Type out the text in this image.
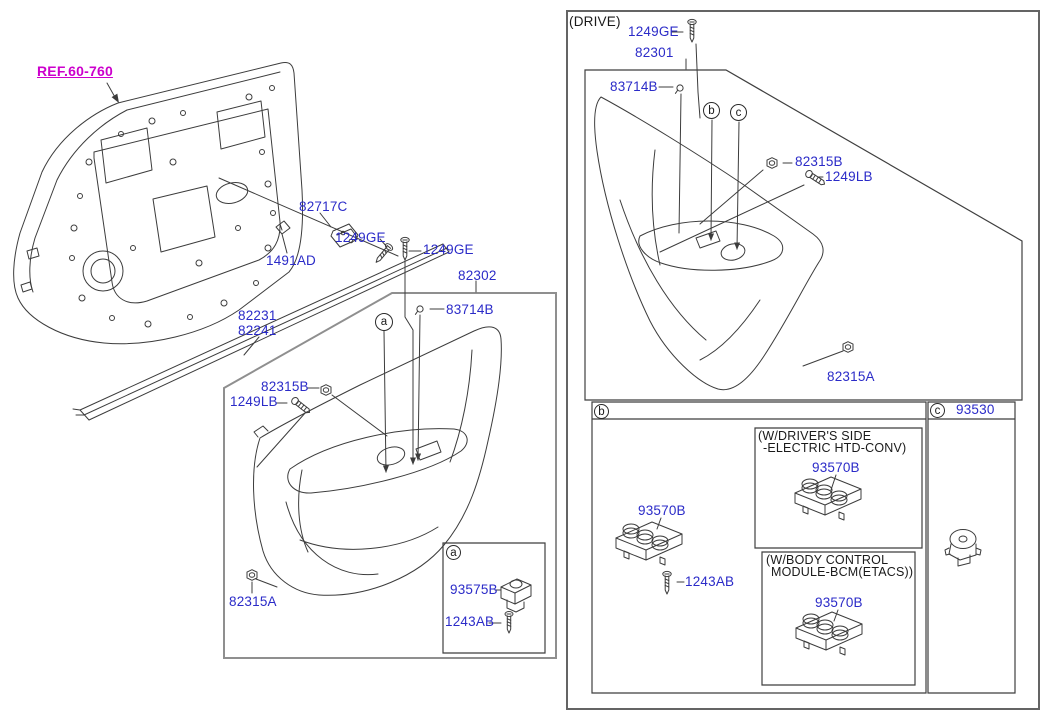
REF.60-760
82717C
1491AD
1249GE
1249GE
82302
83714B
82231
82241
82315B
1249LB
82315A
a
a
93575B
1243AB
(DRIVE)
1249GE
82301
83714B
b	c
82315B
1249LB
82315A
b
93570B
1243AB
(W/DRIVER'S SIDE
-ELECTRIC HTD-CONV)
93570B
(W/BODY CONTROL
MODULE-BCM(ETACS))
93570B
c	93530
